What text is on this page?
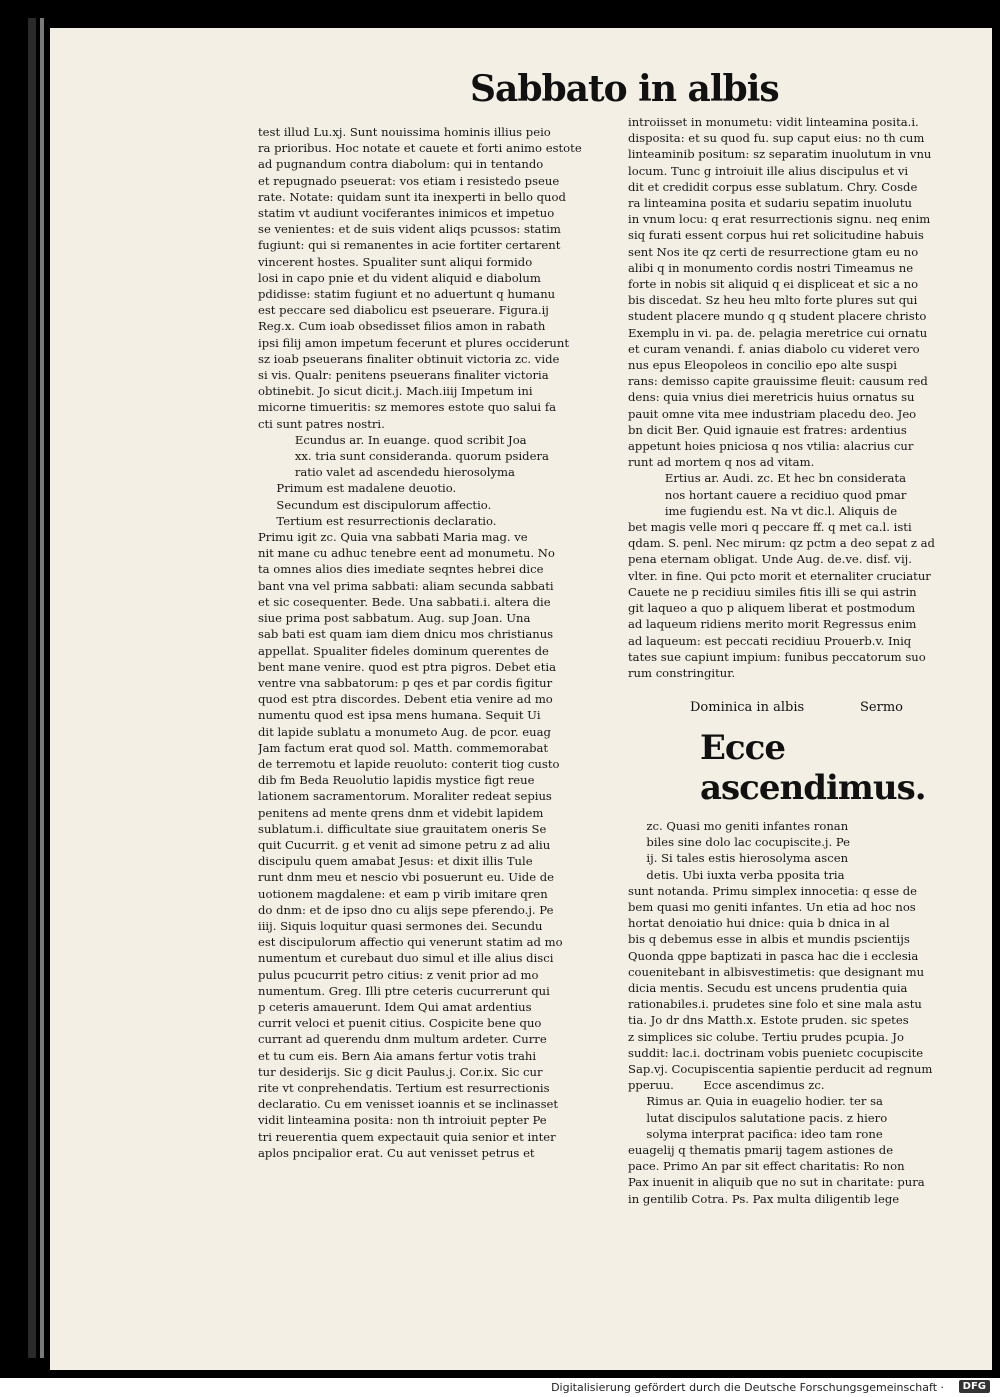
Sabbato in albis
test illud Lu.xj. Sunt nouissima hominis illius peio
ra prioribus. Hoc notate et cauete et forti animo estote
ad pugnandum contra diabolum: qui in tentando
et repugnado pseuerat: vos etiam i resistedo pseue
rate. Notate: quidam sunt ita inexperti in bello quod
statim vt audiunt vociferantes inimicos et impetuo
se venientes: et de suis vident aliqs pcussos: statim
fugiunt: qui si remanentes in acie fortiter certarent
vincerent hostes. Spualiter sunt aliqui formido
losi in capo pnie et du vident aliquid e diabolum
pdidisse: statim fugiunt et no aduertunt q humanu
est peccare sed diabolicu est pseuerare. Figura.ij
Reg.x. Cum ioab obsedisset filios amon in rabath
ipsi filij amon impetum fecerunt et plures occiderunt
sz ioab pseuerans finaliter obtinuit victoria zc. vide
si vis. Qualr: penitens pseuerans finaliter victoria
obtinebit. Jo sicut dicit.j. Mach.iiij Impetum ini
micorne timueritis: sz memores estote quo salui fa
cti sunt patres nostri.
Ecundus ar. In euange. quod scribit Joa
xx. tria sunt consideranda. quorum psidera
ratio valet ad ascendedu hierosolyma
Primum est madalene deuotio.
Secundum est discipulorum affectio.
Tertium est resurrectionis declaratio.
Primu igit zc. Quia vna sabbati Maria mag. ve
nit mane cu adhuc tenebre eent ad monumetu. No
ta omnes alios dies imediate seqntes hebrei dice
bant vna vel prima sabbati: aliam secunda sabbati
et sic cosequenter. Bede. Una sabbati.i. altera die
siue prima post sabbatum. Aug. sup Joan. Una
sab bati est quam iam diem dnicu mos christianus
appellat. Spualiter fideles dominum querentes de
bent mane venire. quod est ptra pigros. Debet etia
ventre vna sabbatorum: p qes et par cordis figitur
quod est ptra discordes. Debent etia venire ad mo
numentu quod est ipsa mens humana. Sequit Ui
dit lapide sublatu a monumeto Aug. de pcor. euag
Jam factum erat quod sol. Matth. commemorabat
de terremotu et lapide reuoluto: conterit tiog custo
dib fm Beda Reuolutio lapidis mystice figt reue
lationem sacramentorum. Moraliter redeat sepius
penitens ad mente qrens dnm et videbit lapidem
sublatum.i. difficultate siue grauitatem oneris Se
quit Cucurrit. g et venit ad simone petru z ad aliu
discipulu quem amabat Jesus: et dixit illis Tule
runt dnm meu et nescio vbi posuerunt eu. Uide de
uotionem magdalene: et eam p virib imitare qren
do dnm: et de ipso dno cu alijs sepe pferendo.j. Pe
iiij. Siquis loquitur quasi sermones dei. Secundu
est discipulorum affectio qui venerunt statim ad mo
numentum et curebaut duo simul et ille alius disci
pulus pcucurrit petro citius: z venit prior ad mo
numentum. Greg. Illi ptre ceteris cucurrerunt qui
p ceteris amauerunt. Idem Qui amat ardentius
currit veloci et puenit citius. Cospicite bene quo
currant ad querendu dnm multum ardeter. Curre
et tu cum eis. Bern Aia amans fertur votis trahi
tur desiderijs. Sic g dicit Paulus.j. Cor.ix. Sic cur
rite vt conprehendatis. Tertium est resurrectionis
declaratio. Cu em venisset ioannis et se inclinasset
vidit linteamina posita: non th introiuit pepter Pe
tri reuerentia quem expectauit quia senior et inter
aplos pncipalior erat. Cu aut venisset petrus et
introiisset in monumetu: vidit linteamina posita.i.
disposita: et su quod fu. sup caput eius: no th cum
linteaminib positum: sz separatim inuolutum in vnu
locum. Tunc g introiuit ille alius discipulus et vi
dit et credidit corpus esse sublatum. Chry. Cosde
ra linteamina posita et sudariu sepatim inuolutu
in vnum locu: q erat resurrectionis signu. neq enim
siq furati essent corpus hui ret solicitudine habuis
sent Nos ite qz certi de resurrectione gtam eu no
alibi q in monumento cordis nostri Timeamus ne
forte in nobis sit aliquid q ei displiceat et sic a no
bis discedat. Sz heu heu mlto forte plures sut qui
student placere mundo q q student placere christo
Exemplu in vi. pa. de. pelagia meretrice cui ornatu
et curam venandi. f. anias diabolo cu videret vero
nus epus Eleopoleos in concilio epo alte suspi
rans: demisso capite grauissime fleuit: causum red
dens: quia vnius diei meretricis huius ornatus su
pauit omne vita mee industriam placedu deo. Jeo
bn dicit Ber. Quid ignauie est fratres: ardentius
appetunt hoies pniciosa q nos vtilia: alacrius cur
runt ad mortem q nos ad vitam.
Ertius ar. Audi. zc. Et hec bn considerata
nos hortant cauere a recidiuo quod pmar
ime fugiendu est. Na vt dic.l. Aliquis de
bet magis velle mori q peccare ff. q met ca.l. isti
qdam. S. penl. Nec mirum: qz pctm a deo sepat z ad
pena eternam obligat. Unde Aug. de.ve. disf. vij.
vlter. in fine. Qui pcto morit et eternaliter cruciatur
Cauete ne p recidiuu similes fitis illi se qui astrin
git laqueo a quo p aliquem liberat et postmodum
ad laqueum ridiens merito morit Regressus enim
ad laqueum: est peccati recidiuu Prouerb.v. Iniq
tates sue capiunt impium: funibus peccatorum suo
rum constringitur.
Dominica in albis	Sermo
Ecce ascendimus.
zc. Quasi mo geniti infantes ronan
biles sine dolo lac cocupiscite.j. Pe
ij. Si tales estis hierosolyma ascen
detis. Ubi iuxta verba pposita tria
sunt notanda. Primu simplex innocetia: q esse de
bem quasi mo geniti infantes. Un etia ad hoc nos
hortat denoiatio hui dnice: quia b dnica in al
bis q debemus esse in albis et mundis pscientijs
Quonda qppe baptizati in pasca hac die i ecclesia
couenitebant in albisvestimetis: que designant mu
dicia mentis. Secudu est uncens prudentia quia
rationabiles.i. prudetes sine folo et sine mala astu
tia. Jo dr dns Matth.x. Estote pruden. sic spetes
z simplices sic colube. Tertiu prudes pcupia. Jo
suddit: lac.i. doctrinam vobis puenietc cocupiscite
Sap.vj. Cocupiscentia sapientie perducit ad regnum
pperuu.        Ecce ascendimus zc.
Rimus ar. Quia in euagelio hodier. ter sa
lutat discipulos salutatione pacis. z hiero
solyma interprat pacifica: ideo tam rone
euagelij q thematis pmarij tagem astiones de
pace. Primo An par sit effect charitatis: Ro non
Pax inuenit in aliquib que no sut in charitate: pura
in gentilib Cotra. Ps. Pax multa diligentib lege
Digitalisierung gefördert durch die Deutsche Forschungsgemeinschaft ·	DFG
